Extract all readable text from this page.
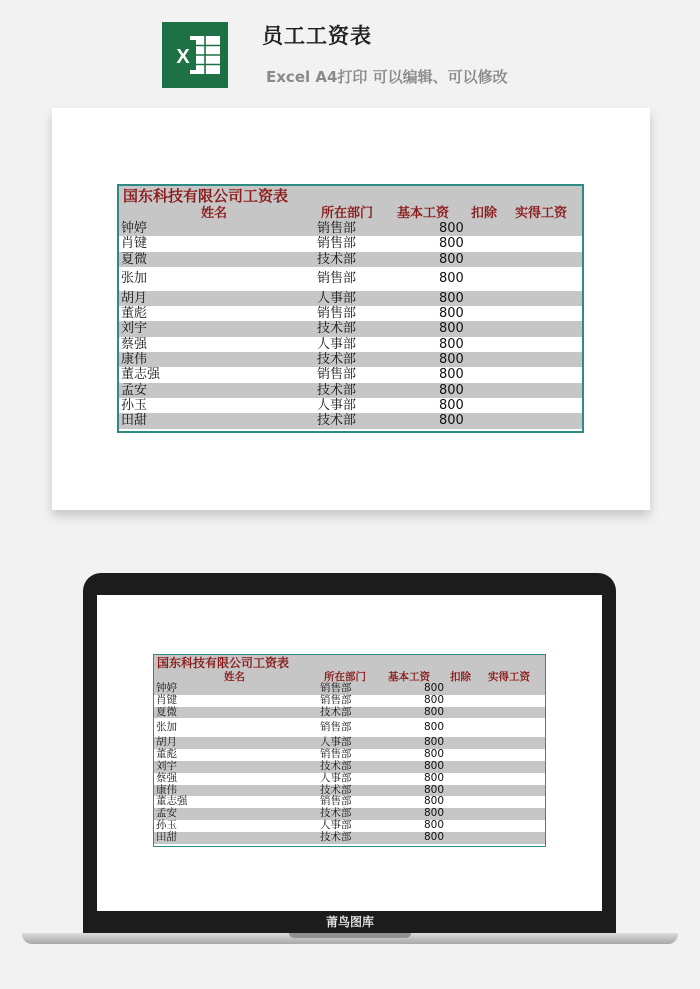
X
员工工资表
Excel A4打印 可以编辑、可以修改
国东科技有限公司工资表
姓名	所在部门 基本工资 扣除 实得工资
钟婷	销售部	800
肖键	销售部	800
夏微	技术部	800
张加	销售部	800
胡月	人事部	800
董彪	销售部	800
刘宇	技术部	800
蔡强	人事部	800
康伟	技术部	800
董志强	销售部	800
孟安	技术部	800
孙玉	人事部	800
田甜	技术部	800
国东科技有限公司工资表
姓名	所在部门 基本工资 扣除 实得工资
钟婷	销售部	800
肖键	销售部	800
夏微	技术部	800
张加	销售部	800
胡月	人事部	800
董彪	销售部	800
刘宇	技术部	800
蔡强	人事部	800
康伟	技术部	800
董志强	销售部	800
孟安	技术部	800
孙玉	人事部	800
田甜	技术部	800
莆鸟图库
